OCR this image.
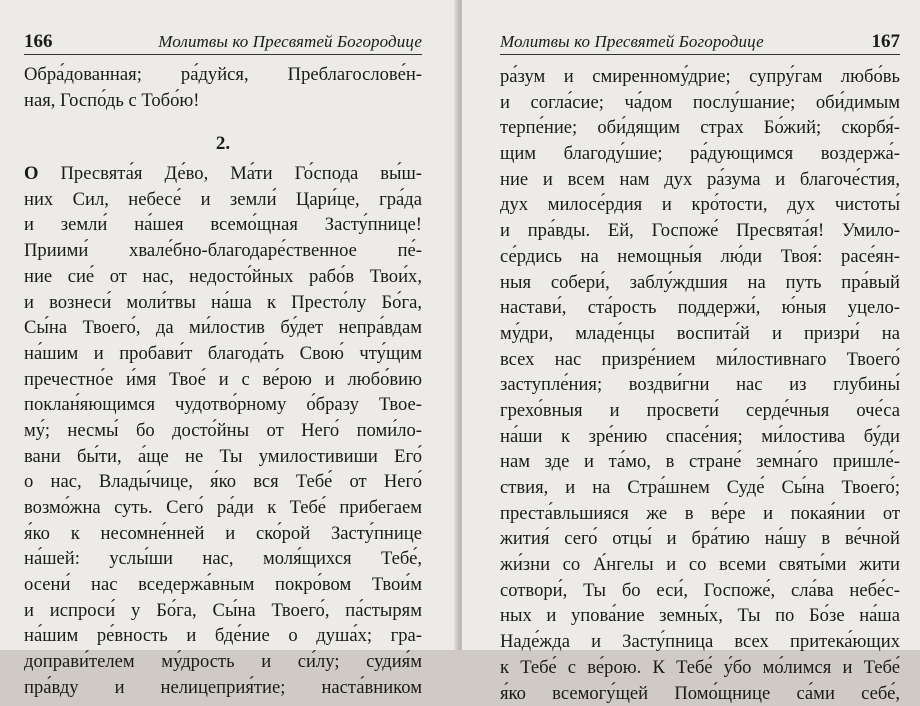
166	Молитвы ко Пресвятей Богородице
Обра́дованная; ра́дуйся, Преблагослове́н-
ная, Госпо́дь с Тобо́ю!
2.
О Пресвята́я Де́во, Ма́ти Го́спода вы́ш-
них Сил, небесе́ и земли́ Цари́це, гра́да
и земли́ на́шея всемо́щная Засту́пнице!
Приими́ хвале́бно-благодаре́ственное пе́-
ние сие́ от нас, недосто́йных рабо́в Твои́х,
и вознеси́ моли́твы на́ша к Престо́лу Бо́га,
Сы́на Твоего́, да ми́лостив бу́дет непра́вдам
на́шим и пробави́т благода́ть Свою́ чту́щим
пречестно́е и́мя Твое́ и с ве́рою и любо́вию
поклан́яющимся чудотво́рному о́бразу Твое-
му́; несмы́ бо досто́йны от Него́ поми́ло-
вани бы́ти, а́ще не Ты умилостивиши Его́
о нас, Влады́чице, я́ко вся Тебе́ от Него́
возмо́жна суть. Сего́ ра́ди к Тебе́ прибегаем
я́ко к несомне́нней и ско́рой Засту́пнице
на́шей: услы́ши нас, моля́щихся Тебе́,
осени́ нас вседержа́вным покро́вом Твои́м
и испроси́ у Бо́га, Сы́на Твоего́, па́стырям
на́шим ре́вность и бде́ние о душа́х; гра-
доправи́телем му́дрость и си́лу; судия́м
пра́вду и нелицеприя́тие; наста́вником
Молитвы ко Пресвятей Богородице	167
ра́зум и смиренному́дрие; супру́гам любо́вь
и согла́сие; ча́дом послу́шание; оби́димым
терпе́ние; оби́дящим страх Бо́жий; скорбя́-
щим благоду́шие; ра́дующимся воздержа́-
ние и всем нам дух ра́зума и благоче́стия,
дух милосе́рдия и кро́тости, дух чистоты́
и пра́вды. Ей, Госпоже́ Пресвята́я! Умило-
се́рдись на немощны́я лю́ди Твоя́: расе́ян-
ныя собери́, заблу́ждшия на путь пра́вый
настави́, ста́рость поддержи́, ю́ныя уцело-
му́дри, младе́нцы воспита́й и призри́ на
всех нас призре́нием ми́лостивнаго Твоего́
заступле́ния; воздви́гни нас из глубины́
грехо́вныя и просвети́ серде́чныя оче́са
на́ши к зре́нию спасе́ния; ми́лостива бу́ди
нам зде и та́мо, в стране́ земна́го пришле́-
ствия, и на Стра́шнем Суде́ Сы́на Твоего́;
преста́вльшияся же в ве́ре и покая́нии от
жития́ сего́ отцы́ и бра́тию на́шу в ве́чной
жи́зни со А́нгелы и со всеми святы́ми жити
сотвори́, Ты бо еси́, Госпоже́, сла́ва небе́с-
ных и упова́ние земны́х, Ты по Бо́зе на́ша
Наде́жда и Засту́пница всех притека́ющих
к Тебе́ с ве́рою. К Тебе́ у́бо мо́лимся и Тебе́
я́ко всемогу́щей Помо́щнице са́ми себе́,
